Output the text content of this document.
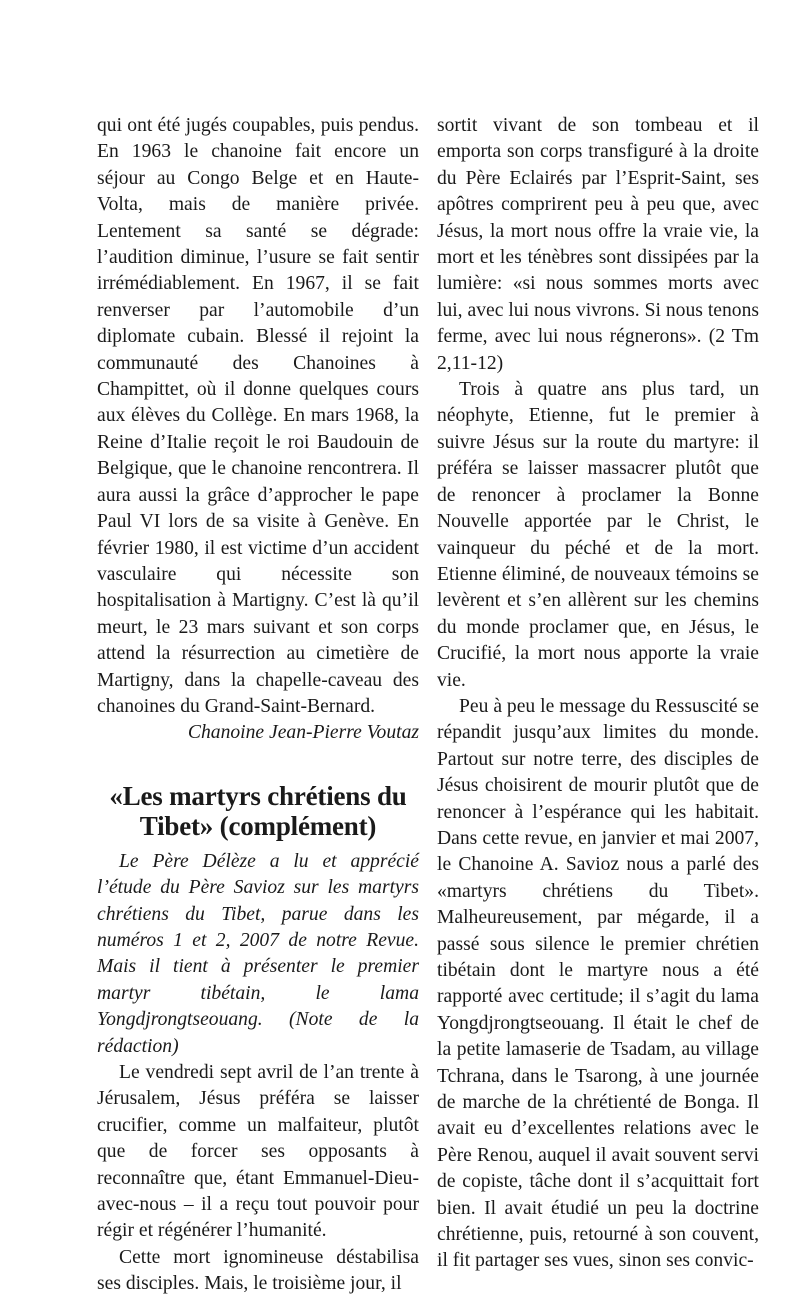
qui ont été jugés coupables, puis pendus. En 1963 le chanoine fait encore un séjour au Congo Belge et en Haute-Volta, mais de manière privée. Lentement sa santé se dégrade: l’audition diminue, l’usure se fait sentir irrémédiablement. En 1967, il se fait renverser par l’automobile d’un diplomate cubain. Blessé il rejoint la communauté des Chanoines à Champittet, où il donne quelques cours aux élèves du Collège. En mars 1968, la Reine d’Italie reçoit le roi Baudouin de Belgique, que le chanoine rencontrera. Il aura aussi la grâce d’approcher le pape Paul VI lors de sa visite à Genève. En février 1980, il est victime d’un accident vasculaire qui nécessite son hospitalisation à Martigny. C’est là qu’il meurt, le 23 mars suivant et son corps attend la résurrection au cimetière de Martigny, dans la chapelle-caveau des chanoines du Grand-Saint-Bernard.

Chanoine Jean-Pierre Voutaz

«Les martyrs chrétiens du
Tibet» (complément)

Le Père Délèze a lu et apprécié l’étude du Père Savioz sur les martyrs chrétiens du Tibet, parue dans les numéros 1 et 2, 2007 de notre Revue. Mais il tient à présenter le premier martyr tibétain, le lama Yongdjrongtseouang. (Note de la rédaction)

Le vendredi sept avril de l’an trente à Jérusalem, Jésus préféra se laisser crucifier, comme un malfaiteur, plutôt que de forcer ses opposants à reconnaître que, étant Emmanuel-Dieu-avec-nous – il a reçu tout pouvoir pour régir et régénérer l’humanité.

Cette mort ignomineuse déstabilisa ses disciples. Mais, le troisième jour, il

sortit vivant de son tombeau et il emporta son corps transfiguré à la droite du Père Eclairés par l’Esprit-Saint, ses apôtres comprirent peu à peu que, avec Jésus, la mort nous offre la vraie vie, la mort et les ténèbres sont dissipées par la lumière: «si nous sommes morts avec lui, avec lui nous vivrons. Si nous tenons ferme, avec lui nous régnerons». (2 Tm 2,11-12)

Trois à quatre ans plus tard, un néophyte, Etienne, fut le premier à suivre Jésus sur la route du martyre: il préféra se laisser massacrer plutôt que de renoncer à proclamer la Bonne Nouvelle apportée par le Christ, le vainqueur du péché et de la mort. Etienne éliminé, de nouveaux témoins se levèrent et s’en allèrent sur les chemins du monde proclamer que, en Jésus, le Crucifié, la mort nous apporte la vraie vie.

Peu à peu le message du Ressuscité se répandit jusqu’aux limites du monde. Partout sur notre terre, des disciples de Jésus choisirent de mourir plutôt que de renoncer à l’espérance qui les habitait. Dans cette revue, en janvier et mai 2007, le Chanoine A. Savioz nous a parlé des «martyrs chrétiens du Tibet». Malheureusement, par mégarde, il a passé sous silence le premier chrétien tibétain dont le martyre nous a été rapporté avec certitude; il s’agit du lama Yongdjrongtseouang. Il était le chef de la petite lamaserie de Tsadam, au village Tchrana, dans le Tsarong, à une journée de marche de la chrétienté de Bonga. Il avait eu d’excellentes relations avec le Père Renou, auquel il avait souvent servi de copiste, tâche dont il s’acquittait fort bien. Il avait étudié un peu la doctrine chrétienne, puis, retourné à son couvent, il fit partager ses vues, sinon ses convic-
